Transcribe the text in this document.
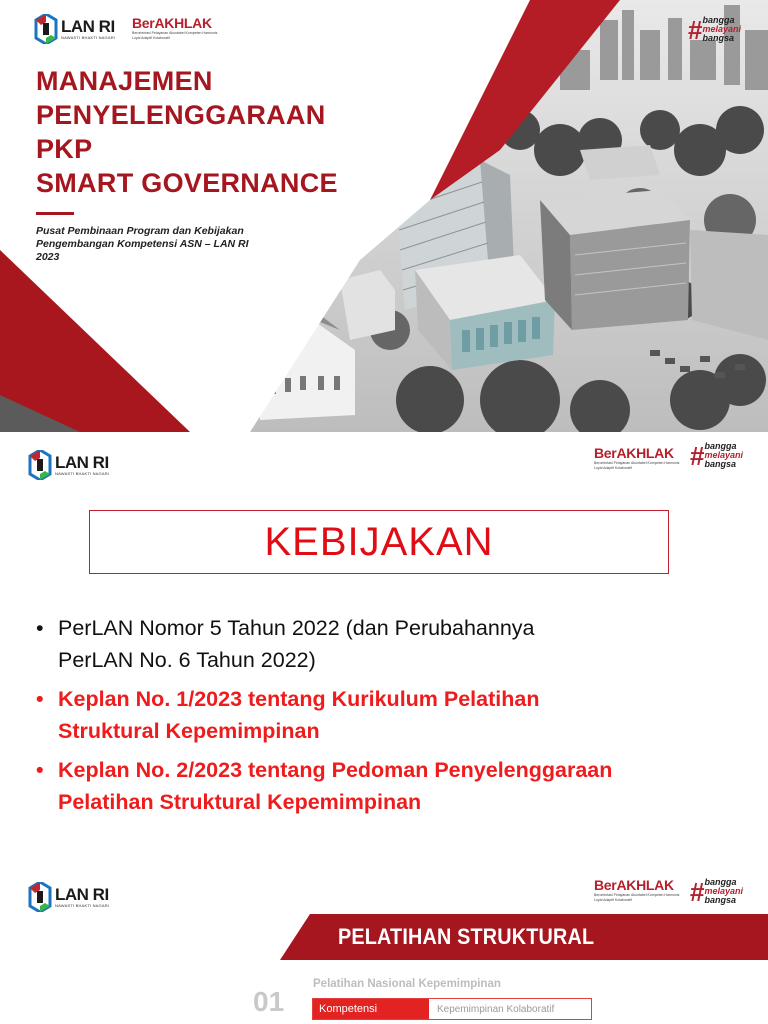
LAN RI
NAWASTI BHAKTI NAGARI
BerAKHLAK
Berorientasi Pelayanan Akuntabel Kompeten Harmonis Loyal Adaptif Kolaboratif	# bangga
melayani
bangsa
MANAJEMEN
PENYELENGGARAAN
PKP
SMART GOVERNANCE
Pusat Pembinaan Program dan Kebijakan
Pengembangan Kompetensi ASN – LAN RI
2023
LAN RI
NAWASTI BHAKTI NAGARI
BerAKHLAK
Berorientasi Pelayanan Akuntabel Kompeten Harmonis Loyal Adaptif Kolaboratif	# bangga
melayani
bangsa
KEBIJAKAN
• PerLAN Nomor 5 Tahun 2022 (dan Perubahannya
PerLAN No. 6 Tahun 2022)
• Keplan No. 1/2023 tentang Kurikulum Pelatihan
Struktural Kepemimpinan
• Keplan No. 2/2023 tentang Pedoman Penyelenggaraan
Pelatihan Struktural Kepemimpinan
LAN RI
NAWASTI BHAKTI NAGARI
BerAKHLAK
Berorientasi Pelayanan Akuntabel Kompeten Harmonis Loyal Adaptif Kolaboratif	# bangga
melayani
bangsa
PELATIHAN STRUKTURAL
01
Pelatihan Nasional Kepemimpinan
Kompetensi	Kepemimpinan Kolaboratif
